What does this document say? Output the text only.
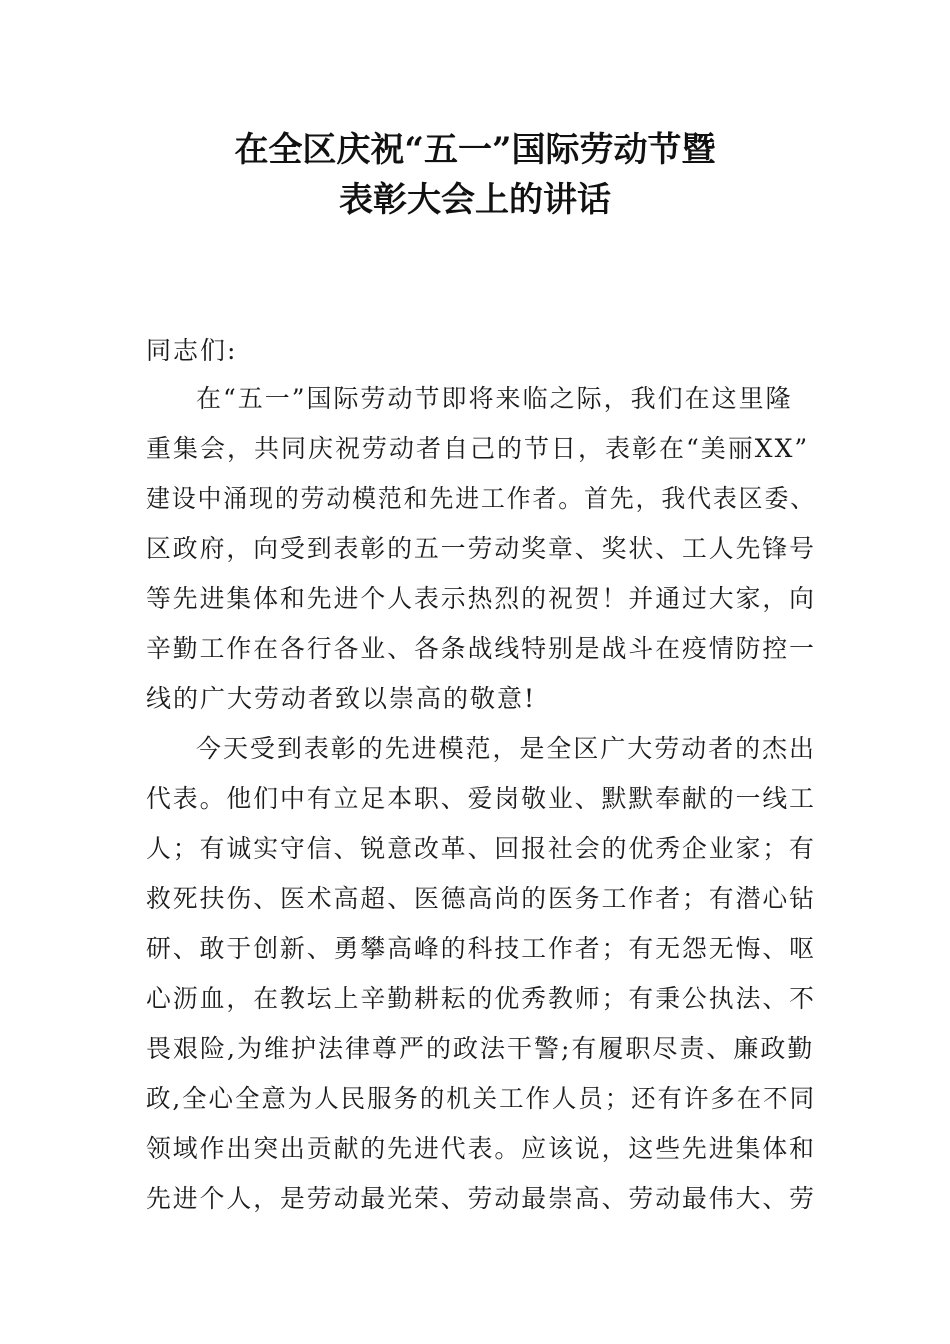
在全区庆祝“五一”国际劳动节暨
表彰大会上的讲话
同志们:
在“五一”国际劳动节即将来临之际，我们在这里隆
重集会，共同庆祝劳动者自己的节日，表彰在“美丽XX”
建设中涌现的劳动模范和先进工作者。首先，我代表区委、
区政府，向受到表彰的五一劳动奖章、奖状、工人先锋号
等先进集体和先进个人表示热烈的祝贺！并通过大家，向
辛勤工作在各行各业、各条战线特别是战斗在疫情防控一
线的广大劳动者致以崇高的敬意!
今天受到表彰的先进模范，是全区广大劳动者的杰出
代表。他们中有立足本职、爱岗敬业、默默奉献的一线工
人；有诚实守信、锐意改革、回报社会的优秀企业家；有
救死扶伤、医术高超、医德高尚的医务工作者；有潜心钻
研、敢于创新、勇攀高峰的科技工作者；有无怨无悔、呕
心沥血，在教坛上辛勤耕耘的优秀教师；有秉公执法、不
畏艰险,为维护法律尊严的政法干警;有履职尽责、廉政勤
政,全心全意为人民服务的机关工作人员；还有许多在不同
领域作出突出贡献的先进代表。应该说，这些先进集体和
先进个人，是劳动最光荣、劳动最崇高、劳动最伟大、劳
